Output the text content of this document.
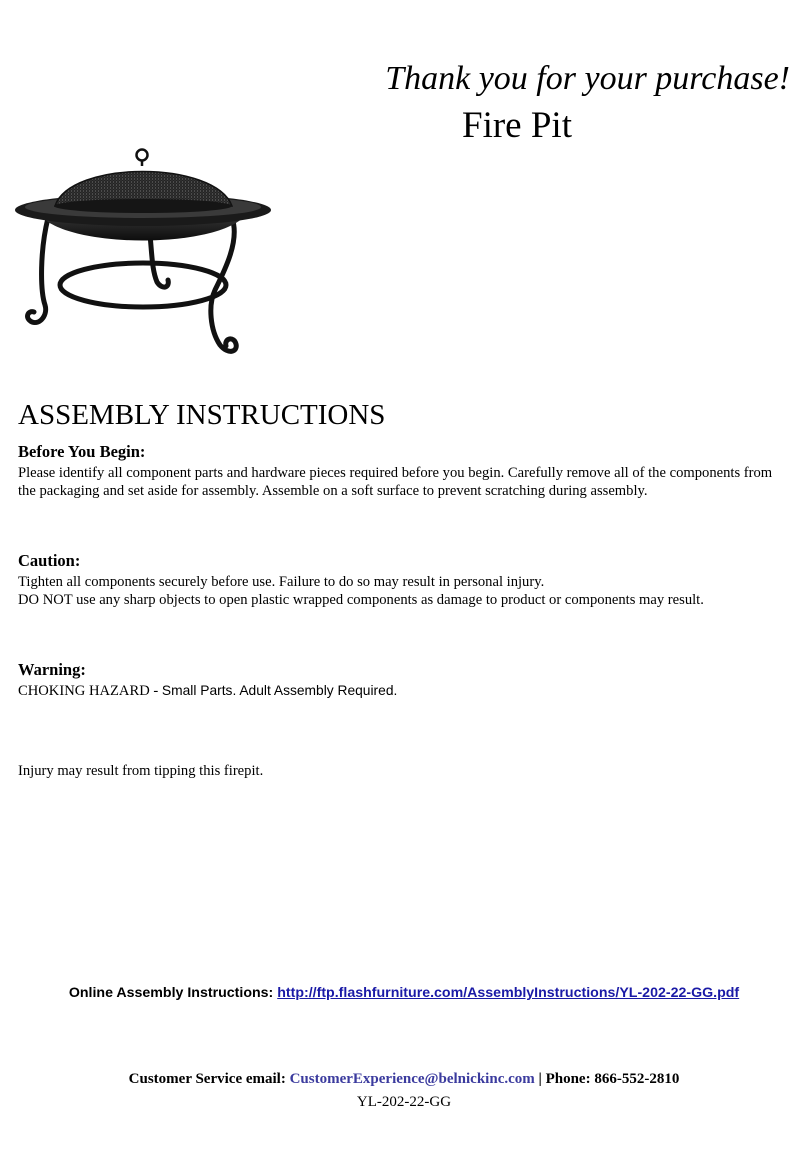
Thank you for your purchase!
Fire Pit
ASSEMBLY INSTRUCTIONS
Before You Begin:
Please identify all component parts and hardware pieces required before you begin. Carefully remove all of the components from the packaging and set aside for assembly. Assemble on a soft surface to prevent scratching during assembly.
Caution:
Tighten all components securely before use. Failure to do so may result in personal injury.
DO NOT use any sharp objects to open plastic wrapped components as damage to product or components may result.
Warning:
CHOKING HAZARD - Small Parts. Adult Assembly Required.
Injury may result from tipping this firepit.
Online Assembly Instructions: http://ftp.flashfurniture.com/AssemblyInstructions/YL-202-22-GG.pdf
Customer Service email: CustomerExperience@belnickinc.com | Phone: 866-552-2810
YL-202-22-GG
